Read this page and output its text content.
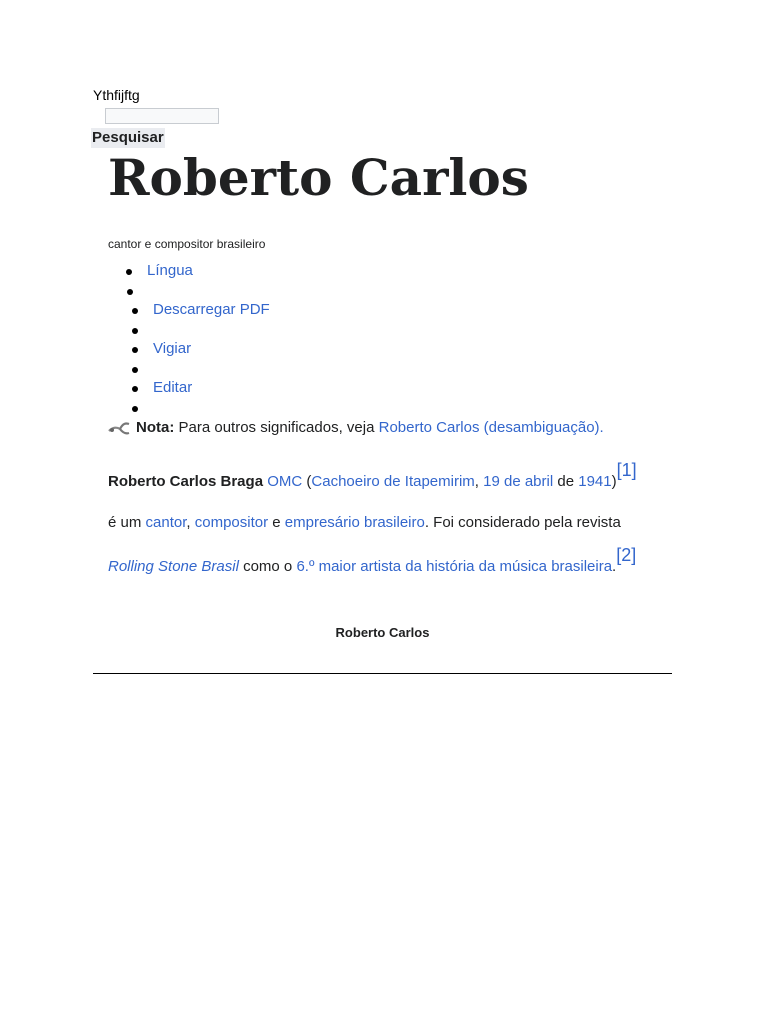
Ythfijftg
Pesquisar
Roberto Carlos
cantor e compositor brasileiro
Língua
Descarregar PDF
Vigiar
Editar
Nota: Para outros significados, veja Roberto Carlos (desambiguação).
Roberto Carlos Braga OMC (Cachoeiro de Itapemirim, 19 de abril de 1941)[1]
é um cantor, compositor e empresário brasileiro. Foi considerado pela revista
Rolling Stone Brasil como o 6.º maior artista da história da música brasileira.[2]
Roberto Carlos
